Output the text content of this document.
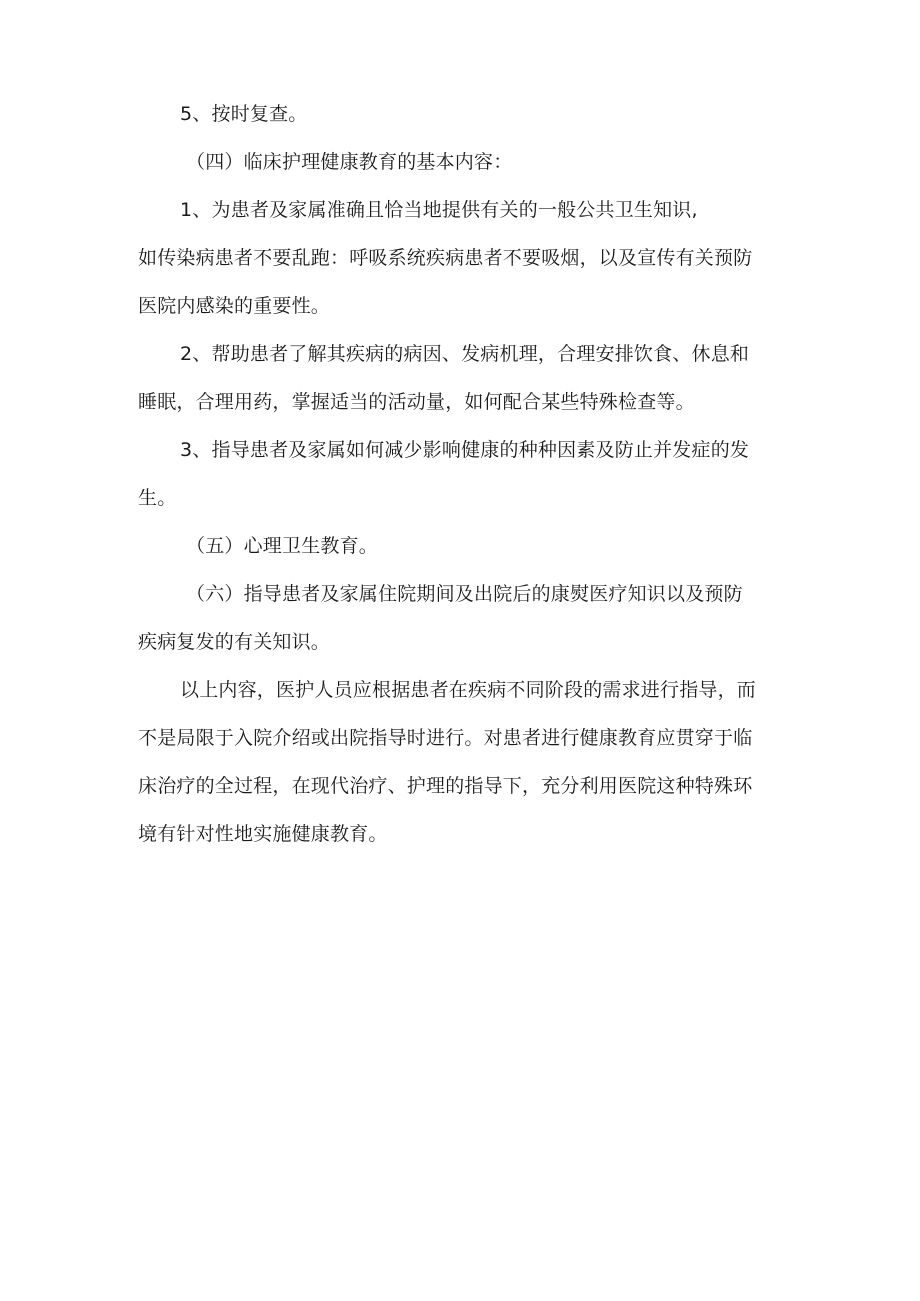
5、按时复查。
（四）临床护理健康教育的基本内容：
1、为患者及家属准确且恰当地提供有关的一般公共卫生知识,
如传染病患者不要乱跑：呼吸系统疾病患者不要吸烟，以及宣传有关预防
医院内感染的重要性。
2、帮助患者了解其疾病的病因、发病机理，合理安排饮食、休息和
睡眠，合理用药，掌握适当的活动量，如何配合某些特殊检查等。
3、指导患者及家属如何减少影响健康的种种因素及防止并发症的发
生。
（五）心理卫生教育。
（六）指导患者及家属住院期间及出院后的康熨医疗知识以及预防
疾病复发的有关知识。
以上内容，医护人员应根据患者在疾病不同阶段的需求进行指导，而
不是局限于入院介绍或出院指导时进行。对患者进行健康教育应贯穿于临
床治疗的全过程，在现代治疗、护理的指导下，充分利用医院这种特殊环
境有针对性地实施健康教育。
